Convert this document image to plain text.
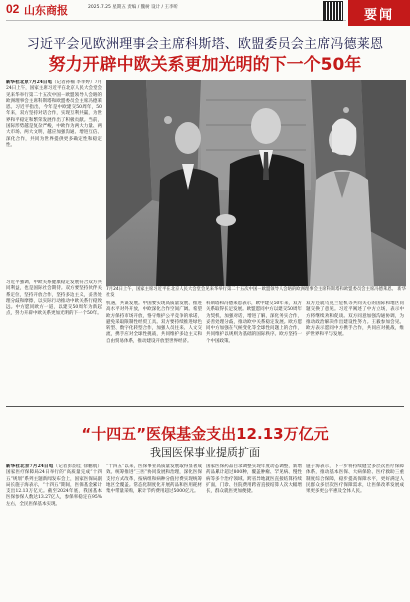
02 山东商报	2025.7.25 星期五 责编 / 魏树 设计 / 王李昕
要闻
习近平会见欧洲理事会主席科斯塔、欧盟委员会主席冯德莱恩
努力开辟中欧关系更加光明的下一个50年
新华社北京7月24日电（记者孙楠 李孝婷）7月24日上午，国家主席习近平在北京人民大会堂会见来华举行第二十五次中国－欧盟领导人会晤的欧洲理事会主席科斯塔和欧盟委员会主席冯德莱恩。习近平指出，今年是中欧建交50周年，50年来，双方坚持对话合作，实现互利共赢，为世界和平稳定和繁荣发展作出了积极贡献。当前，国际形势越是复杂严峻，中欧作为两大力量、两大市场、两大文明，越应加强沟通、增进互信、深化合作，共同为世界提供更多确定性和稳定性。
习近平强调，中欧关系健康稳定发展符合双方共同利益，也是国际社会期待。双方要坚持伙伴关系定位，坚持开放合作，坚持多边主义，妥善处理分歧和摩擦，以实际行动推动中欧关系行稳致远。中方愿同欧方一道，以建交50周年为新起点，努力开辟中欧关系更加光明的下一个50年。
7月24日上午，国家主席习近平在北京人民大会堂会见来华举行第二十五次中国－欧盟领导人会晤的欧洲理事会主席科斯塔和欧盟委员会主席冯德莱恩。 新华社发
机遇，共谋发展。中国要实现高质量发展、推进高水平对外开放，中欧深化合作空间广阔。希望欧方保持市场开放，恪守维护公平竞争的承诺，避免采取限制性经贸工具。双方要持续推进绿色转型、数字化转型合作，加强人员往来、人文交流，携手应对全球性挑战，共同维护多边主义和自由贸易体系，推动建设开放型世界经济。
科斯塔和冯德莱恩表示，欧中建交50年来，双方关系取得长足发展。欧盟愿同中方以建交50周年为契机，加强对话，增进了解，深化务实合作，妥善处理分歧，推动欧中关系稳定发展。欧方愿同中方加强在气候变化等全球性问题上的合作，共同维护以规则为基础的国际秩序。欧方坚持一个中国政策。
双方还就乌克兰危机等共同关心的国际和地区问题交换了意见。习近平阐述了中方立场，表示中方将继续劝和促谈。双方同意加强沟通协调，为推动政治解决作出建设性努力。王毅参加会见。欧方表示愿同中方携手合作，共同应对挑战，维护世界和平与发展。
“十四五”医保基金支出12.13万亿元
我国医保事业提质扩面
新华社北京7月24日电（记者彭韵佳 徐鹏航）国家医疗保障局24日举行的“高质量完成“十四五”规划”系列主题新闻发布会上，国家医保局副局长施子海表示，“十四五”期间，医保基金累计支出12.13万亿元。截至2024年底，我国基本医保参保人数达13.27亿人，参保率稳定在95%左右，全民医保基本实现。
“十四五”以来，医保事业高质量发展取得显著成效。统筹推进“三医”协同发展和治理，深化医保支付方式改革，按病组和病种分值付费实现统筹地区全覆盖。常态化制度化开展药品和医用耗材集中带量采购，累计节约费用超过5000亿元。
国家医保药品目录调整实现年度动态调整，新增药品累计超过800种，覆盖肿瘤、罕见病、慢性病等多个治疗领域。跨省异地就医直接结算持续扩面，门诊、住院费用跨省直接结算人次大幅增长，群众就医更加便捷。
施子海表示，下一步将持续健全多层次医疗保障体系，推动基本医保、大病保险、医疗救助三重制度综合保障，稳步提高保障水平，更好满足人民群众多层次医疗保障需求，让医保改革发展成果更多更公平惠及全体人民。
